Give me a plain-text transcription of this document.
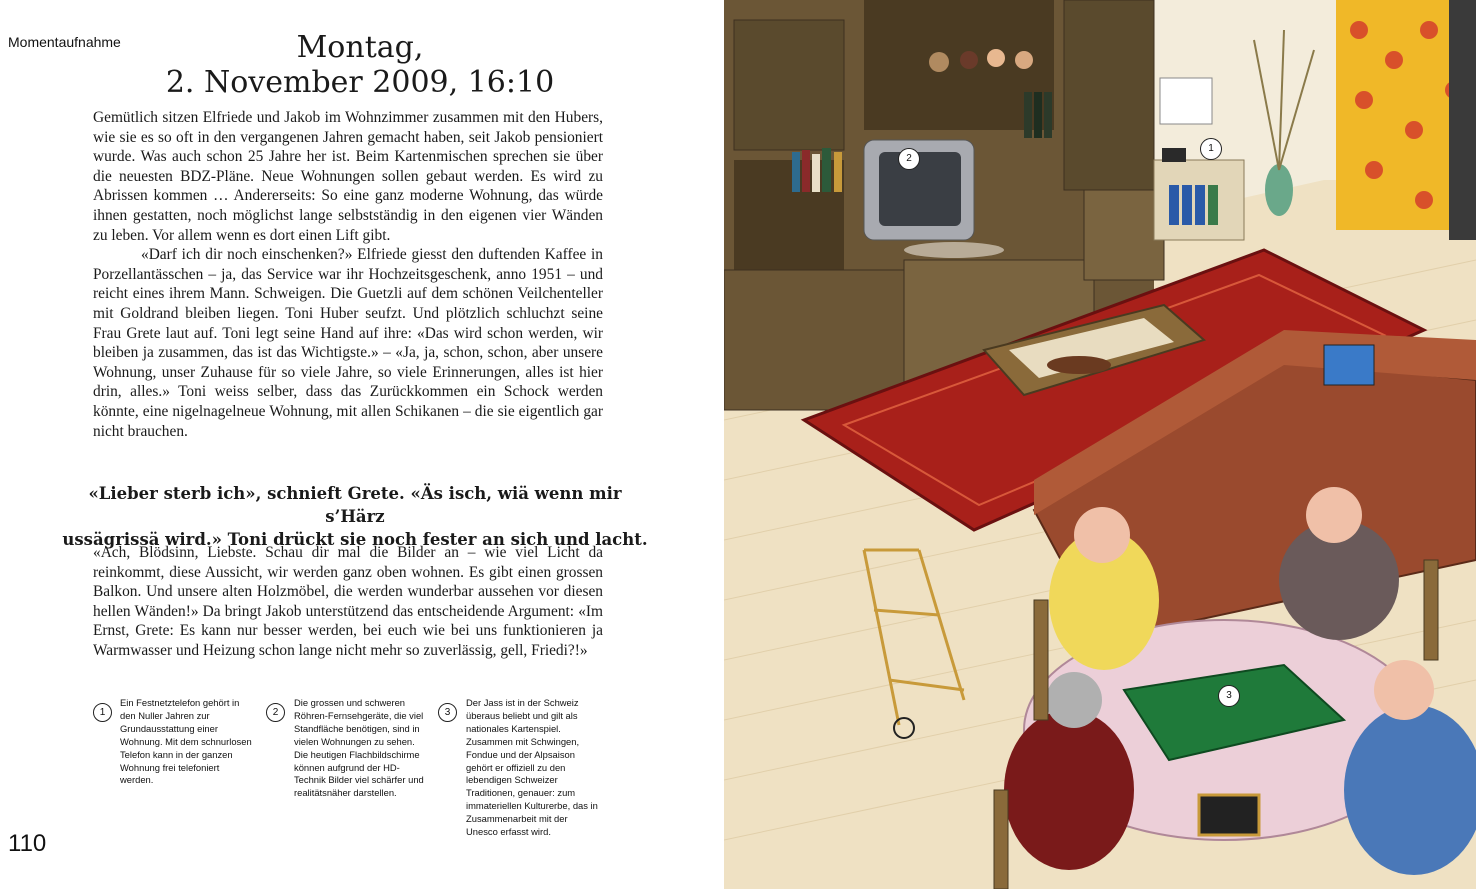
Momentaufnahme	Montag,
2. November 2009, 16:10

Gemütlich sitzen Elfriede und Jakob im Wohnzimmer zusammen mit den Hubers, wie sie es so oft in den vergangenen Jahren gemacht haben, seit Jakob pensioniert wurde. Was auch schon 25 Jahre her ist. Beim Kartenmischen sprechen sie über die neuesten BDZ-Pläne. Neue Wohnungen sollen gebaut werden. Es wird zu Abrissen kommen … Andererseits: So eine ganz moderne Wohnung, das würde ihnen gestatten, noch möglichst lange selbstständig in den eigenen vier Wänden zu leben. Vor allem wenn es dort einen Lift gibt.

«Darf ich dir noch einschenken?» Elfriede giesst den duftenden Kaffee in Porzellantässchen – ja, das Service war ihr Hochzeitsgeschenk, anno 1951 – und reicht eines ihrem Mann. Schweigen. Die Guetzli auf dem schönen Veilchenteller mit Goldrand bleiben liegen. Toni Huber seufzt. Und plötzlich schluchzt seine Frau Grete laut auf. Toni legt seine Hand auf ihre: «Das wird schon werden, wir bleiben ja zusammen, das ist das Wichtigste.» – «Ja, ja, schon, schon, aber unsere Wohnung, unser Zuhause für so viele Jahre, so viele Erinnerungen, alles ist hier drin, alles.» Toni weiss selber, dass das Zurückkommen ein Schock werden könnte, eine nigelnagelneue Wohnung, mit allen Schikanen – die sie eigentlich gar nicht brauchen.

«Lieber sterb ich», schnieft Grete. «Äs isch, wiä wenn mir s’Härz
ussägrissä wird.» Toni drückt sie noch fester an sich und lacht.

«Ach, Blödsinn, Liebste. Schau dir mal die Bilder an – wie viel Licht da reinkommt, diese Aussicht, wir werden ganz oben wohnen. Es gibt einen grossen Balkon. Und unsere alten Holzmöbel, die werden wunderbar aussehen vor diesen hellen Wänden!» Da bringt Jakob unterstützend das entscheidende Argument: «Im Ernst, Grete: Es kann nur besser werden, bei euch wie bei uns funktionieren ja Warmwasser und Heizung schon lange nicht mehr so zuverlässig, gell, Friedi?!»

1
Ein Festnetztelefon gehört in den Nuller Jahren zur Grundausstattung einer Wohnung. Mit dem schnurlosen Telefon kann in der ganzen Wohnung frei telefoniert werden.
2
Die grossen und schweren Röhren-Fernsehgeräte, die viel Standfläche benötigen, sind in vielen Wohnungen zu sehen. Die heutigen Flachbildschirme können aufgrund der HD-Technik Bilder viel schärfer und realitätsnäher darstellen.
3
Der Jass ist in der Schweiz überaus beliebt und gilt als nationales Kartenspiel. Zusammen mit Schwingen, Fondue und der Alpsaison gehört er offiziell zu den lebendigen Schweizer Traditionen, genauer: zum immateriellen Kulturerbe, das in Zusammenarbeit mit der Unesco erfasst wird.
110
1
2
3
